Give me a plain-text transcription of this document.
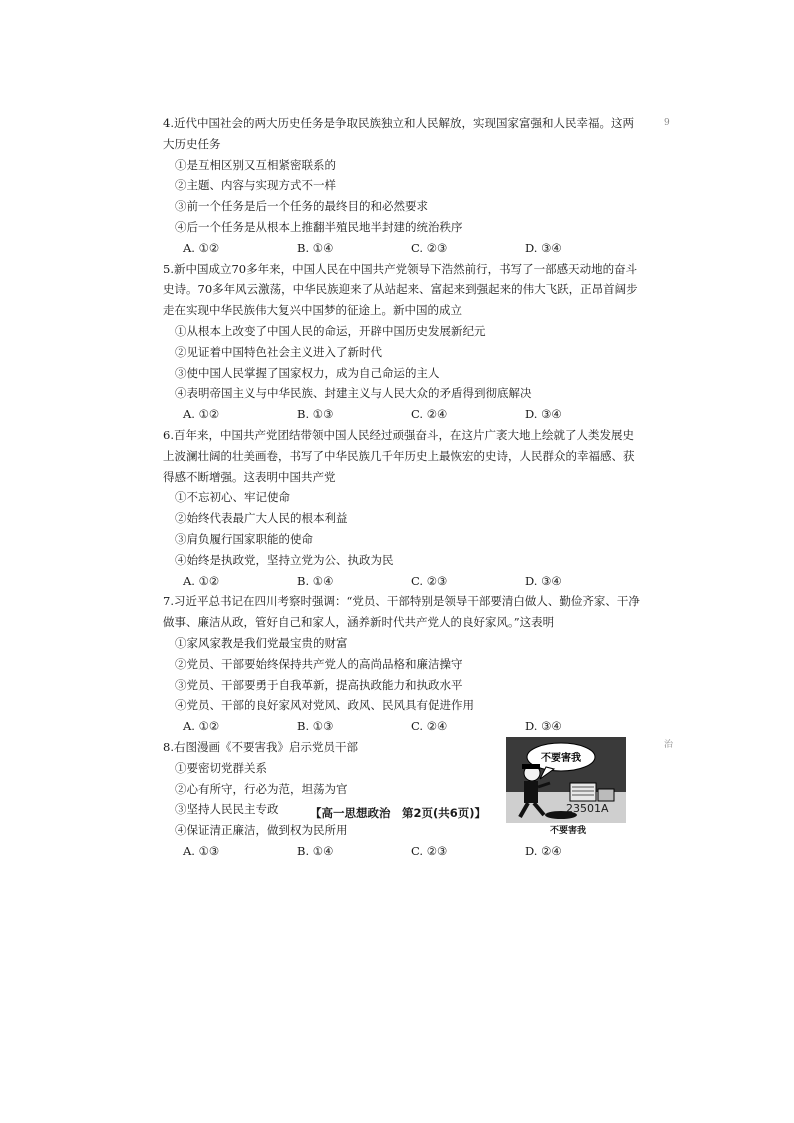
4.近代中国社会的两大历史任务是争取民族独立和人民解放，实现国家富强和人民幸福。这两大历史任务

①是互相区别又互相紧密联系的

②主题、内容与实现方式不一样

③前一个任务是后一个任务的最终目的和必然要求

④后一个任务是从根本上推翻半殖民地半封建的统治秩序

A. ①②	B. ①④	C. ②③	D. ③④

5.新中国成立70多年来，中国人民在中国共产党领导下浩然前行，书写了一部感天动地的奋斗史诗。70多年风云激荡，中华民族迎来了从站起来、富起来到强起来的伟大飞跃，正昂首阔步走在实现中华民族伟大复兴中国梦的征途上。新中国的成立

①从根本上改变了中国人民的命运，开辟中国历史发展新纪元

②见证着中国特色社会主义进入了新时代

③使中国人民掌握了国家权力，成为自己命运的主人

④表明帝国主义与中华民族、封建主义与人民大众的矛盾得到彻底解决

A. ①②	B. ①③	C. ②④	D. ③④

6.百年来，中国共产党团结带领中国人民经过顽强奋斗，在这片广袤大地上绘就了人类发展史上波澜壮阔的壮美画卷，书写了中华民族几千年历史上最恢宏的史诗，人民群众的幸福感、获得感不断增强。这表明中国共产党

①不忘初心、牢记使命
②始终代表最广大人民的根本利益
③肩负履行国家职能的使命
④始终是执政党，坚持立党为公、执政为民
A. ①②	B. ①④	C. ②③	D. ③④

7.习近平总书记在四川考察时强调：“党员、干部特别是领导干部要清白做人、勤俭齐家、干净做事、廉洁从政，管好自己和家人，涵养新时代共产党人的良好家风。”这表明

①家风家教是我们党最宝贵的财富

②党员、干部要始终保持共产党人的高尚品格和廉洁操守

③党员、干部要勇于自我革新，提高执政能力和执政水平

④党员、干部的良好家风对党风、政风、民风具有促进作用

A. ①②	B. ①③	C. ②④	D. ③④

8.右图漫画《不要害我》启示党员干部

①要密切党群关系

②心有所守，行必为范，坦荡为官

③坚持人民民主专政

④保证清正廉洁，做到权为民所用

A. ①③	B. ①④	C. ②③	D. ②④
不要害我
不要害我
【高一思想政治　第2页(共6页)】	23501A
9
治
